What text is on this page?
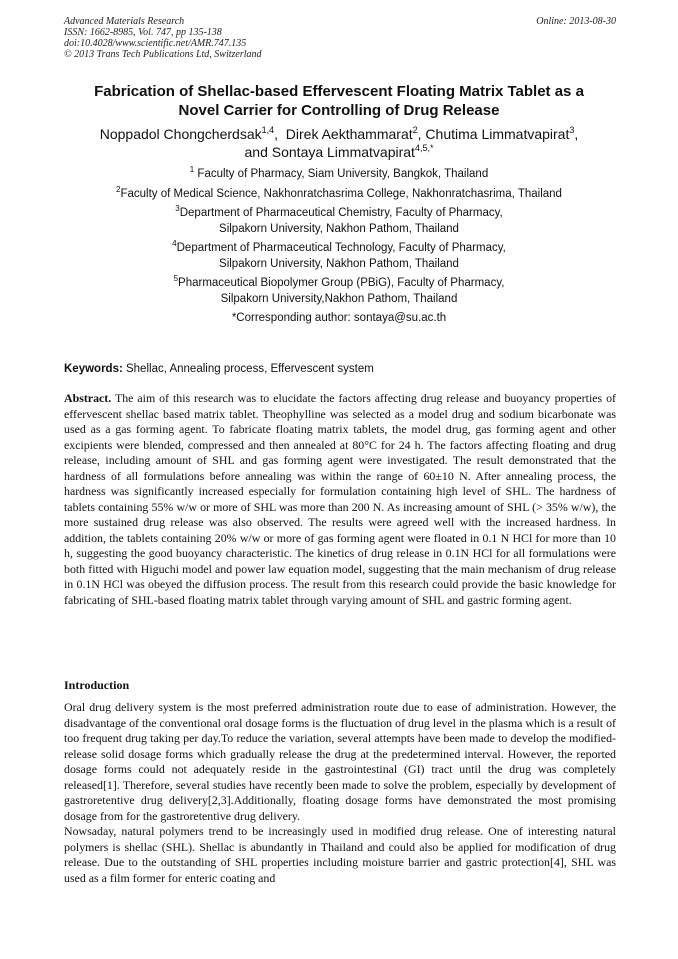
Advanced Materials Research
ISSN: 1662-8985, Vol. 747, pp 135-138
doi:10.4028/www.scientific.net/AMR.747.135
© 2013 Trans Tech Publications Ltd, Switzerland
Online: 2013-08-30
Fabrication of Shellac-based Effervescent Floating Matrix Tablet as a
Novel Carrier for Controlling of Drug Release
Noppadol Chongcherdsak$^{1,4}$,  Direk Aekthammarat$^2$, Chutima Limmatvapirat$^3$,
and Sontaya Limmatvapirat$^{4,5,*}$
$^1$ Faculty of Pharmacy, Siam University, Bangkok, Thailand
$^2$Faculty of Medical Science, Nakhonratchasrima College, Nakhonratchasrima, Thailand
$^3$Department of Pharmaceutical Chemistry, Faculty of Pharmacy,
Silpakorn University, Nakhon Pathom, Thailand
$^4$Department of Pharmaceutical Technology, Faculty of Pharmacy,
Silpakorn University, Nakhon Pathom, Thailand
$^5$Pharmaceutical Biopolymer Group (PBiG), Faculty of Pharmacy,
Silpakorn University,Nakhon Pathom, Thailand
*Corresponding author: sontaya@su.ac.th
Keywords: Shellac, Annealing process, Effervescent system
Abstract. The aim of this research was to elucidate the factors affecting drug release and buoyancy properties of effervescent shellac based matrix tablet. Theophylline was selected as a model drug and sodium bicarbonate was used as a gas forming agent. To fabricate floating matrix tablets, the model drug, gas forming agent and other excipients were blended, compressed and then annealed at 80°C for 24 h. The factors affecting floating and drug release, including amount of SHL and gas forming agent were investigated. The result demonstrated that the hardness of all formulations before annealing was within the range of 60±10 N. After annealing process, the hardness was significantly increased especially for formulation containing high level of SHL. The hardness of tablets containing 55% w/w or more of SHL was more than 200 N. As increasing amount of SHL (> 35% w/w), the more sustained drug release was also observed. The results were agreed well with the increased hardness. In addition, the tablets containing 20% w/w or more of gas forming agent were floated in 0.1 N HCl for more than 10 h, suggesting the good buoyancy characteristic. The kinetics of drug release in 0.1N HCl for all formulations were both fitted with Higuchi model and power law equation model, suggesting that the main mechanism of drug release in 0.1N HCl was obeyed the diffusion process. The result from this research could provide the basic knowledge for fabricating of SHL-based floating matrix tablet through varying amount of SHL and gastric forming agent.
Introduction

Oral drug delivery system is the most preferred administration route due to ease of administration. However, the disadvantage of the conventional oral dosage forms is the fluctuation of drug level in the plasma which is a result of too frequent drug taking per day.To reduce the variation, several attempts have been made to develop the modified-release solid dosage forms which gradually release the drug at the predetermined interval. However, the reported dosage forms could not adequately reside in the gastrointestinal (GI) tract until the drug was completely released[1]. Therefore, several studies have recently been made to solve the problem, especially by development of gastroretentive drug delivery[2,3].Additionally, floating dosage forms have demonstrated the most promising dosage from for the gastroretentive drug delivery.

Nowsaday, natural polymers trend to be increasingly used in modified drug release. One of interesting natural polymers is shellac (SHL). Shellac is abundantly in Thailand and could also be applied for modification of drug release. Due to the outstanding of SHL properties including moisture barrier and gastric protection[4], SHL was used as a film former for enteric coating and
